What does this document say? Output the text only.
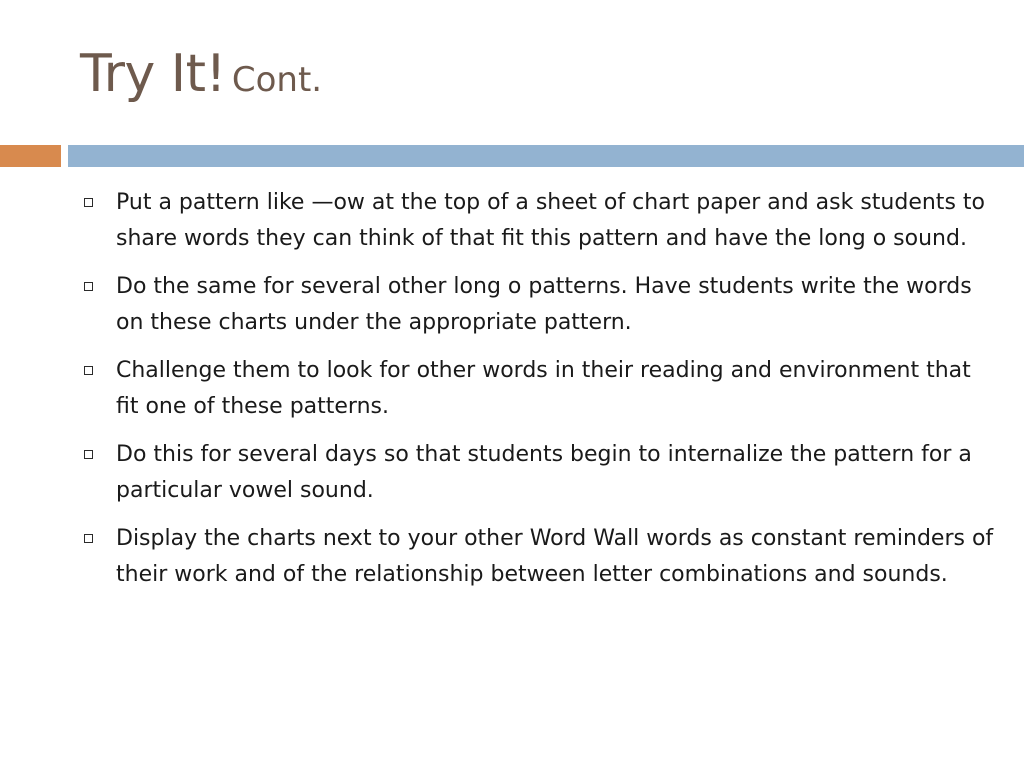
Try It! Cont.
Put a pattern like —ow at the top of a sheet of chart paper and ask students to share words they can think of that fit this pattern and have the long o sound.
Do the same for several other long o patterns. Have students write the words on these charts under the appropriate pattern.
Challenge them to look for other words in their reading and environment that fit one of these patterns.
Do this for several days so that students begin to internalize the pattern for a particular vowel sound.
Display the charts next to your other Word Wall words as constant reminders of their work and of the relationship between letter combinations and sounds.
